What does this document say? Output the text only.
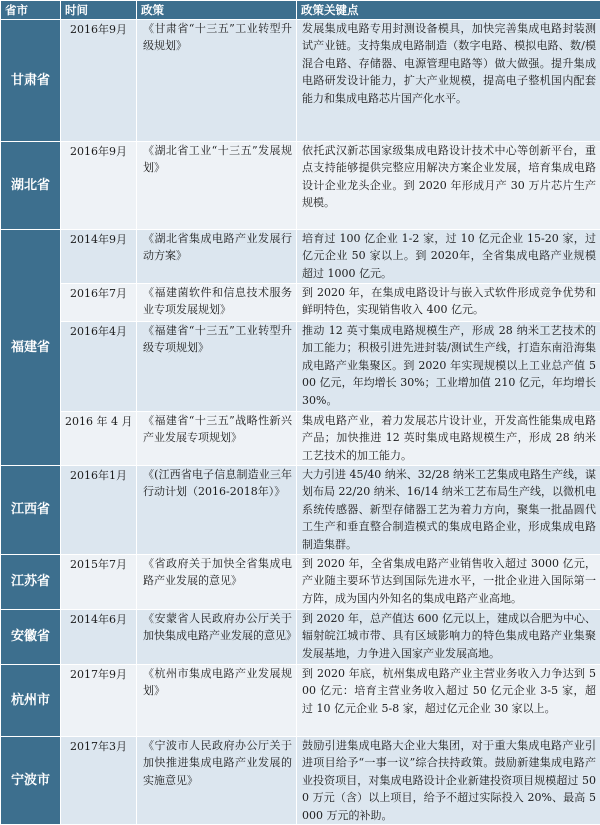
省市	时间	政策	政策关键点
甘肃省	2016年9月	《甘肃省“十三五”工业转型升级规划》	发展集成电路专用封测设备模具，加快完善集成电路封装测试产业链。支持集成电路制造（数字电路、模拟电路、数/模混合电路、存储器、电源管理电路等）做大做强。提升集成电路研发设计能力，扩大产业规模，提高电子整机国内配套能力和集成电路芯片国产化水平。
湖北省	2016年9月	《湖北省工业“十三五”发展规划》	依托武汉新芯国家级集成电路设计技术中心等创新平台，重点支持能够提供完整应用解决方案企业发展，培育集成电路设计企业龙头企业。到 2020 年形成月产 30 万片芯片生产规模。
福建省	2014年9月	《湖北省集成电路产业发展行动方案》	培育过 100 亿企业 1-2 家，过 10 亿元企业 15-20 家，过亿元企业 50 家以上。到 2020年，全省集成电路产业规模超过 1000 亿元。
	2016年7月	《福建菌软件和信息技术服务业专项发展规划》	到 2020 年，在集成电路设计与嵌入式软件形成竞争优势和鲜明特色，实现销售收入 400 亿元。
	2016年4月	《福建省“十三五”工业转型升级专项规划》	推动 12 英寸集成电路规模生产，形成 28 纳米工艺技术的加工能力；积极引进先进封装/测试生产线，打造东南沿海集成电路产业集聚区。到 2020 年实现规模以上工业总产值 500 亿元，年均增长 30%；工业增加值 210 亿元，年均增长 30%。
	2016 年 4 月	《福建省“十三五”战略性新兴产业发展专项规划》	集成电路产业，着力发展芯片设计业，开发高性能集成电路产品；加快推进 12 英时集成电路规模生产，形成 28 纳米工艺技术的加工能力。
江西省	2016年1月	《(江西省电子信息制造业三年行动计划（2016-2018年）》	大力引进 45/40 纳米、32/28 纳米工艺集成电路生产线，谋划布局 22/20 纳米、16/14 纳米工艺布局生产线，以微机电系统传感器、新型存储器工艺为着力方向，聚集一批晶圆代工生产和垂直整合制造模式的集成电路企业，形成集成电路制造集群。
江苏省	2015年7月	《省政府关于加快全省集成电路产业发展的意见》	到 2020 年，全省集成电路产业销售收入超过 3000 亿元，产业随主要环节达到国际先进水平，一批企业进入国际第一方阵，成为国内外知名的集成电路产业高地。
安徽省	2014年6月	《安蒙省人民政府办公厅关于加快集成电路产业发展的意见》	到 2020 年，总产值达 600 亿元以上，建成以合肥为中心、辐射皖江城市带、具有区域影响力的特色集成电路产业集聚发展基地，力争进入国家产业发展高地。
杭州市	2017年9月	《杭州市集成电路产业发展规划》	到 2020 年底，杭州集成电路产业主营业务收入力争达到 500 亿元：培育主营业务收入超过 50 亿元企业 3-5 家，超过 10 亿元企业 5-8 家，超过亿元企业 30 家以上。
宁波市	2017年3月	《宁波市人民政府办公厅关于加快推进集成电路产业发展的实施意见》	鼓励引进集成电路大企业大集团，对于重大集成电路产业引进项目给予“一事一议”综合扶持政策。鼓励新建集成电路产业投资项目，对集成电路设计企业新建投资项目规模超过 500 万元（含）以上项目，给予不超过实际投入 20%、最高 5000 万元的补助。
